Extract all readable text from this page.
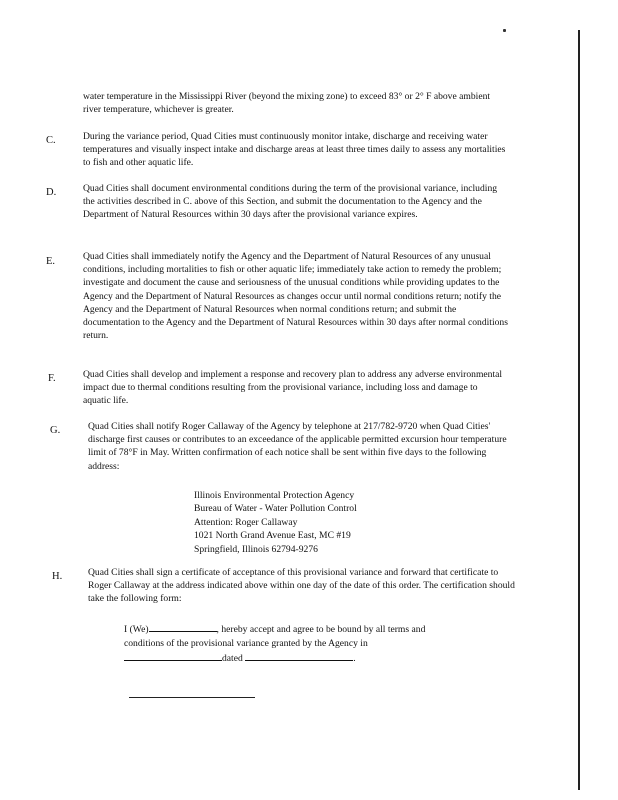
water temperature in the Mississippi River (beyond the mixing zone) to exceed 83° or 2° F above ambient river temperature, whichever is greater.
C.	During the variance period, Quad Cities must continuously monitor intake, discharge and receiving water temperatures and visually inspect intake and discharge areas at least three times daily to assess any mortalities to fish and other aquatic life.
D.	Quad Cities shall document environmental conditions during the term of the provisional variance, including the activities described in C. above of this Section, and submit the documentation to the Agency and the Department of Natural Resources within 30 days after the provisional variance expires.
E.	Quad Cities shall immediately notify the Agency and the Department of Natural Resources of any unusual conditions, including mortalities to fish or other aquatic life; immediately take action to remedy the problem; investigate and document the cause and seriousness of the unusual conditions while providing updates to the Agency and the Department of Natural Resources as changes occur until normal conditions return; notify the Agency and the Department of Natural Resources when normal conditions return; and submit the documentation to the Agency and the Department of Natural Resources within 30 days after normal conditions return.
F.	Quad Cities shall develop and implement a response and recovery plan to address any adverse environmental impact due to thermal conditions resulting from the provisional variance, including loss and damage to aquatic life.
G.	Quad Cities shall notify Roger Callaway of the Agency by telephone at 217/782-9720 when Quad Cities' discharge first causes or contributes to an exceedance of the applicable permitted excursion hour temperature limit of 78°F in May. Written confirmation of each notice shall be sent within five days to the following address:
Illinois Environmental Protection Agency
Bureau of Water - Water Pollution Control
Attention: Roger Callaway
1021 North Grand Avenue East, MC #19
Springfield, Illinois 62794-9276
H.	Quad Cities shall sign a certificate of acceptance of this provisional variance and forward that certificate to Roger Callaway at the address indicated above within one day of the date of this order. The certification should take the following form:
I (We)	, hereby accept and agree to be bound by all terms and
conditions of the provisional variance granted by the Agency in
dated	.
